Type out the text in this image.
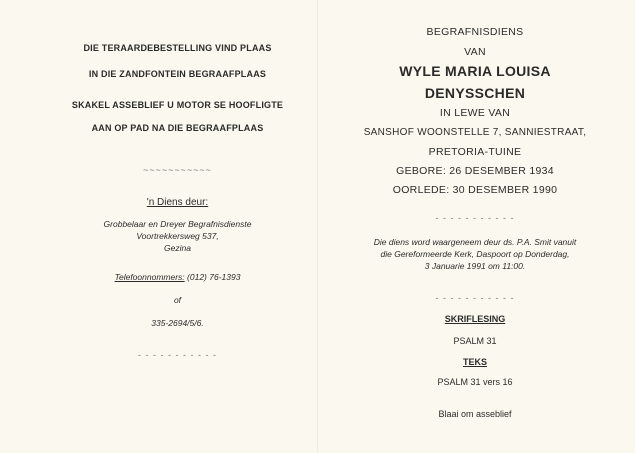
DIE TERAARDEBESTELLING VIND PLAAS
IN DIE ZANDFONTEIN BEGRAAFPLAAS
SKAKEL ASSEBLIEF U MOTOR SE HOOFLIGTE
AAN OP PAD NA DIE BEGRAAFPLAAS
~~~~~~~~~~~
'n Diens deur:
Grobbelaar en Dreyer Begrafnisdienste
Voortrekkersweg 537,
Gezina
Telefoonnommers: (012) 76-1393
of
335-2694/5/6.
- - - - - - - - - - -
BEGRAFNISDIENS
VAN
WYLE MARIA LOUISA
DENYSSCHEN
IN LEWE VAN
SANSHOF WOONSTELLE 7, SANNIESTRAAT,
PRETORIA-TUINE
GEBORE: 26 DESEMBER 1934
OORLEDE: 30 DESEMBER 1990
- - - - - - - - - - -
Die diens word waargeneem deur ds. P.A. Smit vanuit
die Gereformeerde Kerk, Daspoort op Donderdag,
3 Januarie 1991 om 11:00.
- - - - - - - - - - -
SKRIFLESING
PSALM 31
TEKS
PSALM 31 vers 16
Blaai om asseblief
